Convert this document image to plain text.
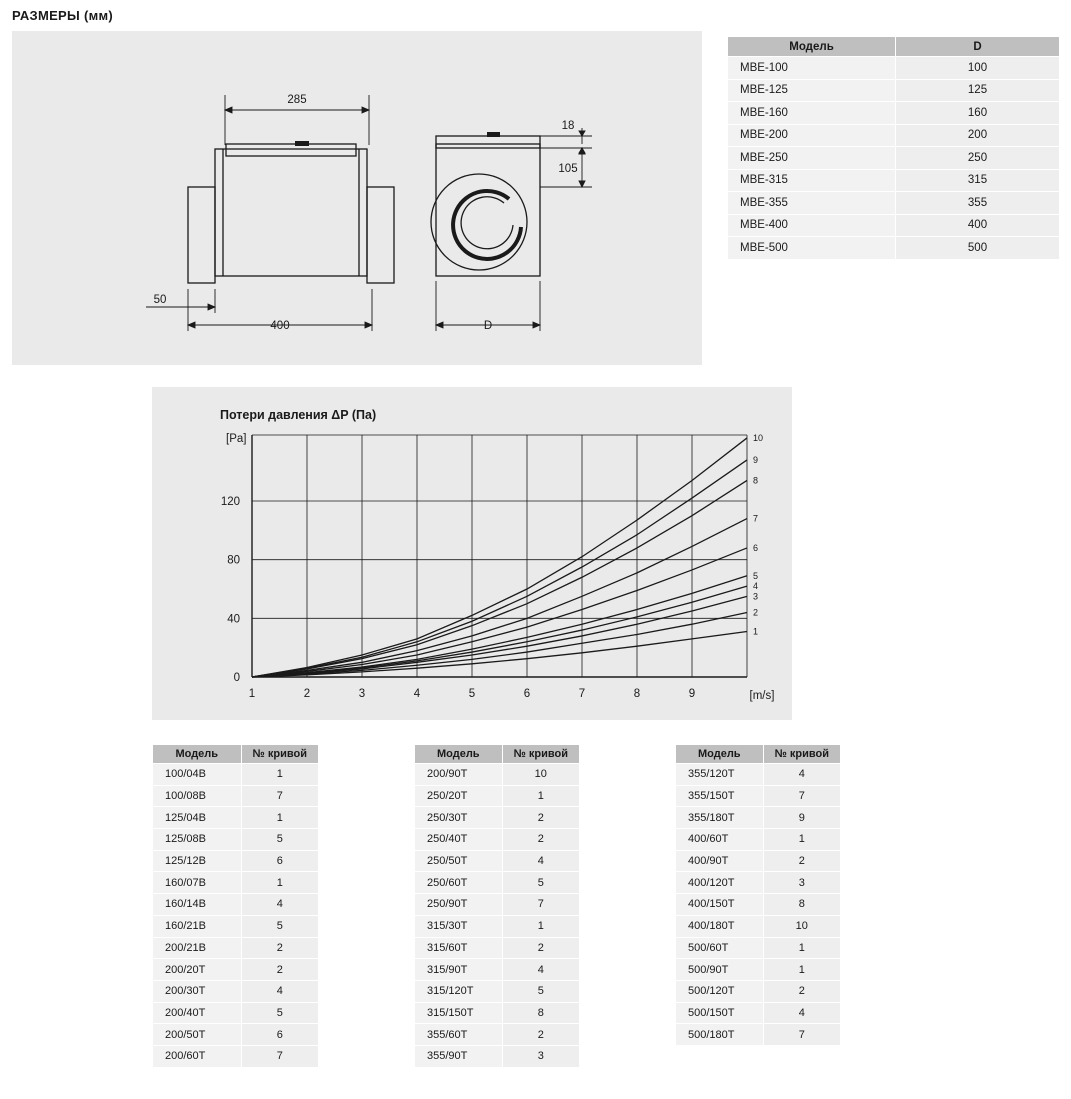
РАЗМЕРЫ (мм)
285
400
50
105
18
D
Модель	D
MBE-100	100
MBE-125	125
MBE-160	160
MBE-200	200
MBE-250	250
MBE-315	315
MBE-355	355
MBE-400	400
MBE-500	500
Потери давления ΔP (Па)
1	2	3	4	5	6	7	8	9
0
40
80
120
1
2
3
4
5
6
7
8
9
10
[Pa]
[m/s]
Модель	№ кривой
100/04B	1
100/08B	7
125/04B	1
125/08B	5
125/12B	6
160/07B	1
160/14B	4
160/21B	5
200/21B	2
200/20T	2
200/30T	4
200/40T	5
200/50T	6
200/60T	7
Модель	№ кривой
200/90T	10
250/20T	1
250/30T	2
250/40T	2
250/50T	4
250/60T	5
250/90T	7
315/30T	1
315/60T	2
315/90T	4
315/120T	5
315/150T	8
355/60T	2
355/90T	3
Модель	№ кривой
355/120T	4
355/150T	7
355/180T	9
400/60T	1
400/90T	2
400/120T	3
400/150T	8
400/180T	10
500/60T	1
500/90T	1
500/120T	2
500/150T	4
500/180T	7
